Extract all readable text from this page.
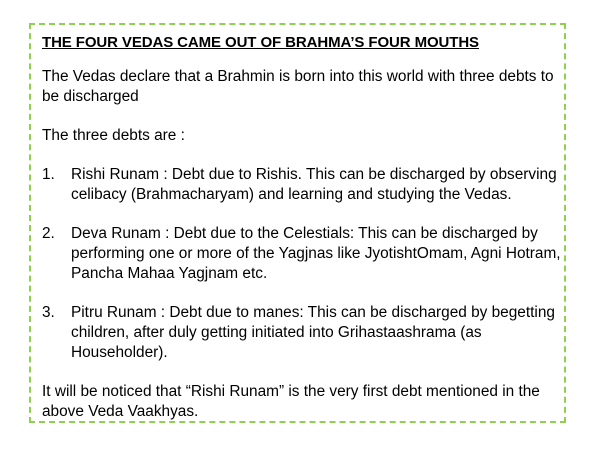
THE FOUR VEDAS CAME OUT OF BRAHMA’S FOUR MOUTHS
The Vedas declare that a Brahmin is born into this world with three debts to be discharged
The three debts are :
1.	Rishi Runam : Debt due to Rishis. This can be discharged by observing celibacy (Brahmacharyam) and learning and studying the Vedas.
2.	Deva Runam : Debt due to the Celestials: This can be discharged by performing one or more of the Yagjnas like JyotishtOmam, Agni Hotram, Pancha Mahaa Yagjnam etc.
3.	Pitru Runam : Debt due to manes: This can be discharged by begetting children, after duly getting initiated into Grihastaashrama (as Householder).
It will be noticed that “Rishi Runam” is the very first debt mentioned in the above Veda Vaakhyas.
